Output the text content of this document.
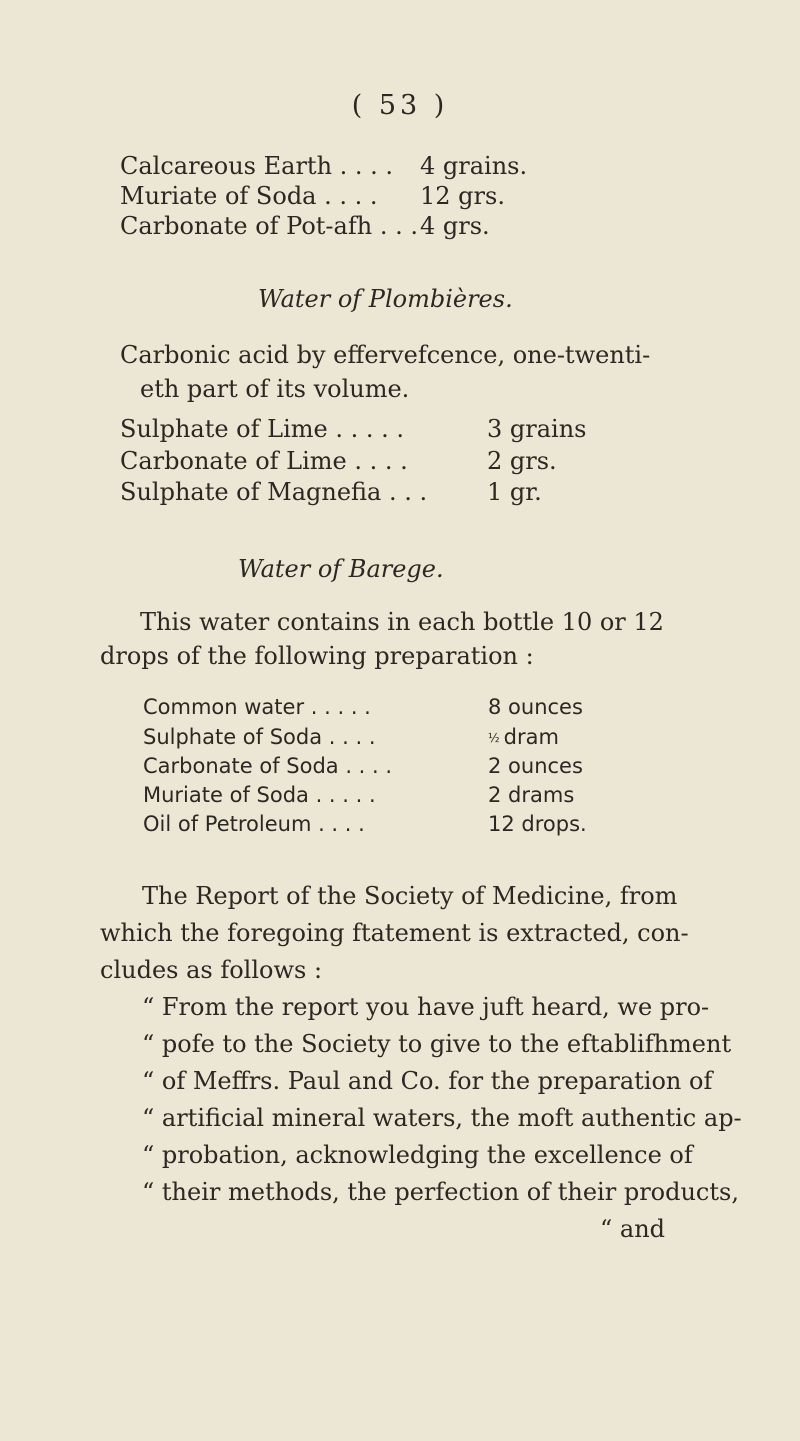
( 53 )
Calcareous Earth . . . . 4 grains.
Muriate of Soda . . . . 12 grs.
Carbonate of Pot-afh . . . 4 grs.
Water of Plombières.
Carbonic acid by effervefcence, one-twenti-
eth part of its volume.
Sulphate of Lime . . . . .	3 grains
Carbonate of Lime . . . .	2 grs.
Sulphate of Magnefia . . . 1 gr.
Water of Barege.
This water contains in each bottle 10 or 12
drops of the following preparation :
Common water . . . . .	8 ounces
Sulphate of Soda . . . .	½ dram
Carbonate of Soda . . . .	2 ounces
Muriate of Soda . . . . .	2 drams
Oil of Petroleum . . . .	12 drops.
The Report of the Society of Medicine, from
which the foregoing ftatement is extracted, con-
cludes as follows :
“ From the report you have juft heard, we pro-
“ pofe to the Society to give to the eftablifhment
“ of Meffrs. Paul and Co. for the preparation of
“ artificial mineral waters, the moft authentic ap-
“ probation, acknowledging the excellence of
“ their methods, the perfection of their products,
“ and
